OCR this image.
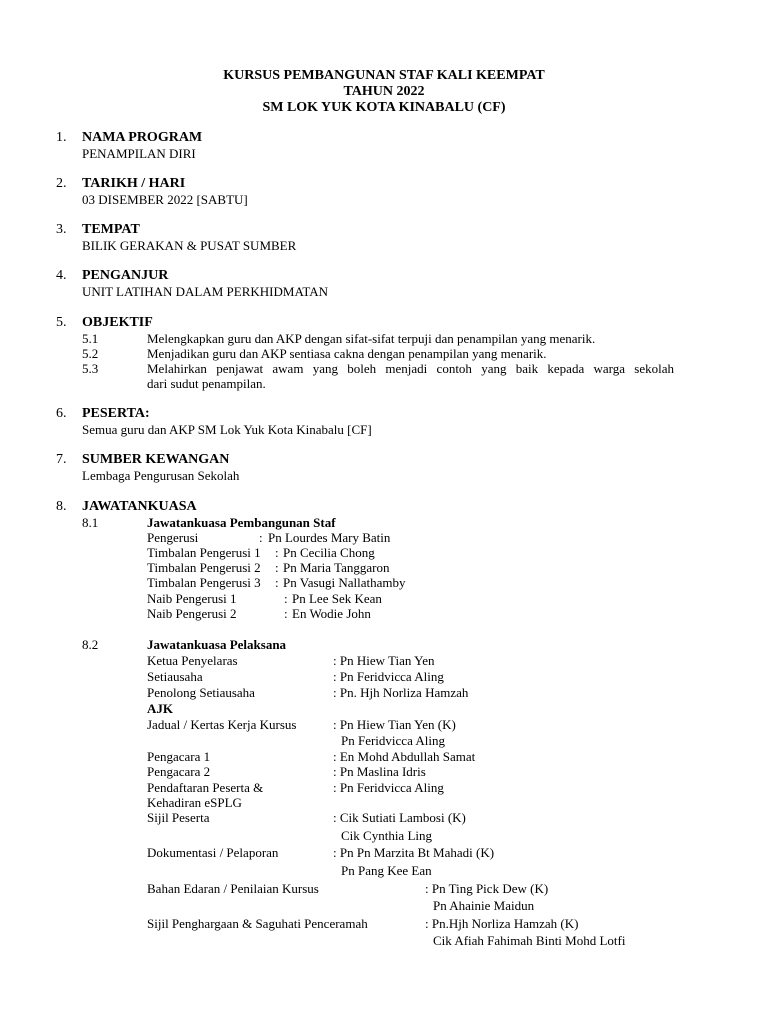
KURSUS PEMBANGUNAN STAF KALI KEEMPAT
TAHUN 2022
SM LOK YUK KOTA KINABALU (CF)
1. NAMA PROGRAM
PENAMPILAN DIRI
2. TARIKH / HARI
03 DISEMBER 2022 [SABTU]
3. TEMPAT
BILIK GERAKAN & PUSAT SUMBER
4. PENGANJUR
UNIT LATIHAN DALAM PERKHIDMATAN
5. OBJEKTIF
5.1	Melengkapkan guru dan AKP dengan sifat-sifat terpuji dan penampilan yang menarik.
5.2	Menjadikan guru dan AKP sentiasa cakna dengan penampilan yang menarik.
5.3	Melahirkan penjawat awam yang boleh menjadi contoh yang baik kepada warga sekolah
dari sudut penampilan.
6. PESERTA:
Semua guru dan AKP SM Lok Yuk Kota Kinabalu [CF]
7. SUMBER KEWANGAN
Lembaga Pengurusan Sekolah
8. JAWATANKUASA
8.1	Jawatankuasa Pembangunan Staf
Pengerusi	: Pn Lourdes Mary Batin
Timbalan Pengerusi 1 : Pn Cecilia Chong
Timbalan Pengerusi 2 : Pn Maria Tanggaron
Timbalan Pengerusi 3 : Pn Vasugi Nallathamby
Naib Pengerusi 1	: Pn Lee Sek Kean
Naib Pengerusi 2	: En Wodie John
8.2	Jawatankuasa Pelaksana
Ketua Penyelaras	: Pn Hiew Tian Yen
Setiausaha	: Pn Feridvicca Aling
Penolong Setiausaha	: Pn. Hjh Norliza Hamzah
AJK
Jadual / Kertas Kerja Kursus	: Pn Hiew Tian Yen (K)
Pn Feridvicca Aling
Pengacara 1	: En Mohd Abdullah Samat
Pengacara 2	: Pn Maslina Idris
Pendaftaran Peserta &	: Pn Feridvicca Aling
Kehadiran eSPLG
Sijil Peserta	: Cik Sutiati Lambosi (K)
Cik Cynthia Ling
Dokumentasi / Pelaporan	: Pn Pn Marzita Bt Mahadi (K)
Pn Pang Kee Ean
Bahan Edaran / Penilaian Kursus	: Pn Ting Pick Dew (K)
Pn Ahainie Maidun
Sijil Penghargaan & Saguhati Penceramah	: Pn.Hjh Norliza Hamzah (K)
Cik Afiah Fahimah Binti Mohd Lotfi
